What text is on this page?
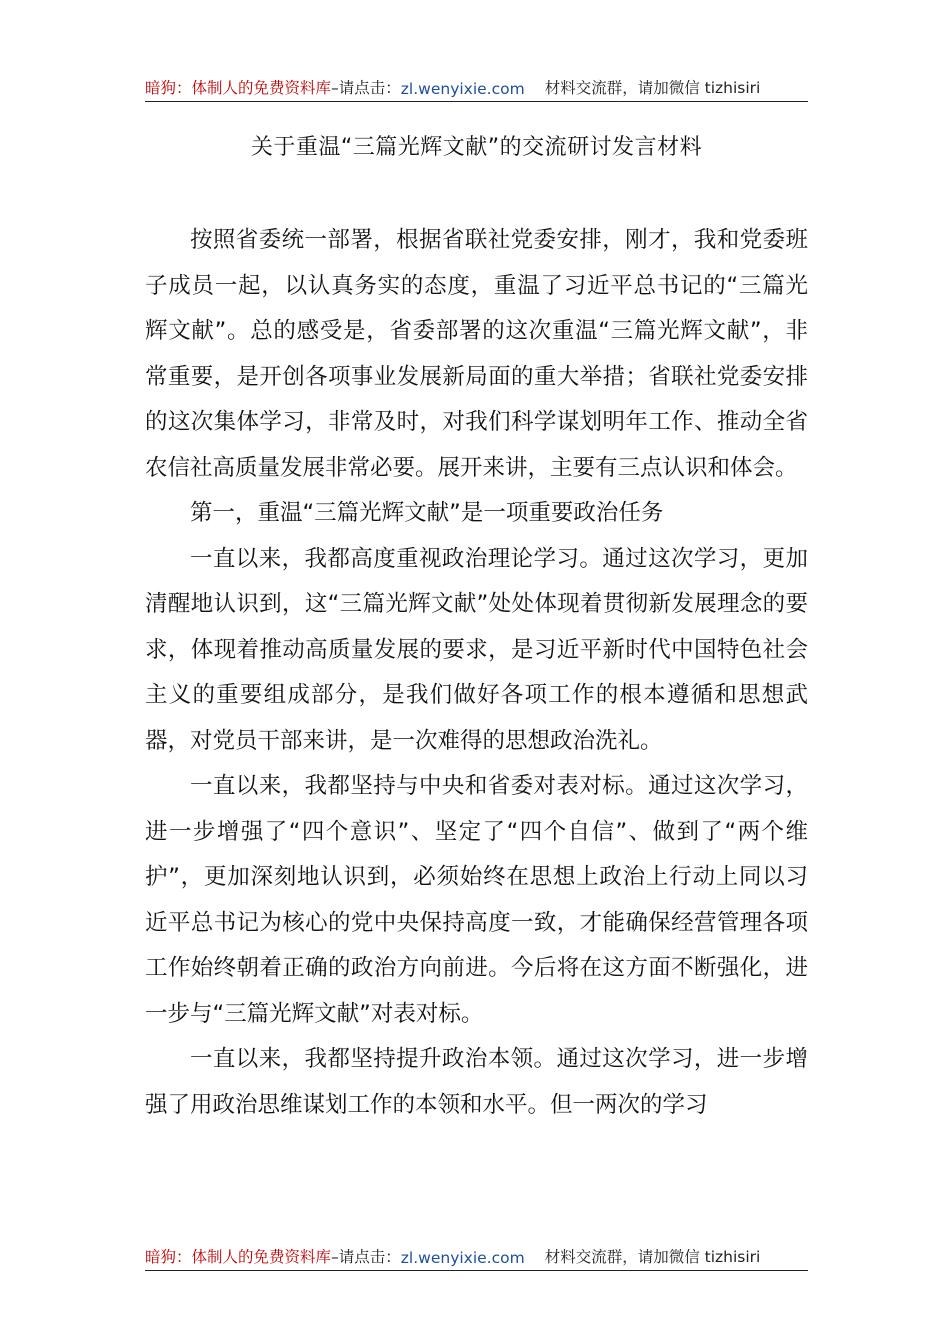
暗狗：体制人的免费资料库 –请点击： zl.wenyixie.com 材料交流群，请加微信 tizhisiri
关于重温“三篇光辉文献”的交流研讨发言材料

按照省委统一部署，根据省联社党委安排，刚才，我和党委班子成员一起，以认真务实的态度，重温了习近平总书记的“三篇光辉文献”。总的感受是，省委部署的这次重温“三篇光辉文献”，非常重要，是开创各项事业发展新局面的重大举措；省联社党委安排的这次集体学习，非常及时，对我们科学谋划明年工作、推动全省农信社高质量发展非常必要。展开来讲，主要有三点认识和体会。

第一，重温“三篇光辉文献”是一项重要政治任务

一直以来，我都高度重视政治理论学习。通过这次学习，更加清醒地认识到，这“三篇光辉文献”处处体现着贯彻新发展理念的要求，体现着推动高质量发展的要求，是习近平新时代中国特色社会主义的重要组成部分，是我们做好各项工作的根本遵循和思想武器，对党员干部来讲，是一次难得的思想政治洗礼。

一直以来，我都坚持与中央和省委对表对标。通过这次学习，进一步增强了“四个意识”、坚定了“四个自信”、做到了“两个维护”，更加深刻地认识到，必须始终在思想上政治上行动上同以习近平总书记为核心的党中央保持高度一致，才能确保经营管理各项工作始终朝着正确的政治方向前进。今后将在这方面不断强化，进一步与“三篇光辉文献”对表对标。

一直以来，我都坚持提升政治本领。通过这次学习，进一步增强了用政治思维谋划工作的本领和水平。但一两次的学习

暗狗：体制人的免费资料库 –请点击： zl.wenyixie.com 材料交流群，请加微信 tizhisiri
